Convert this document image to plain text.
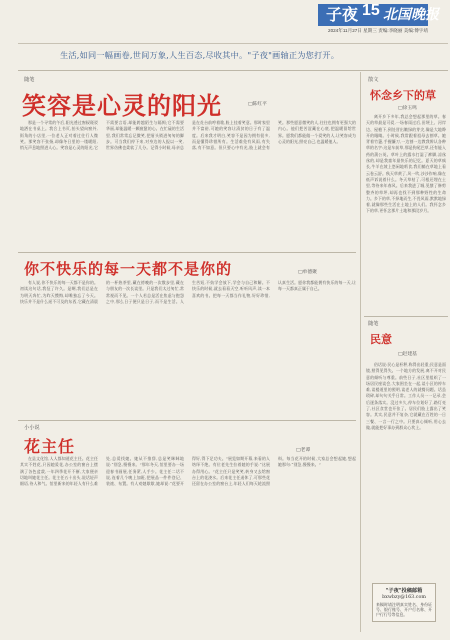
子夜 15 北国晚报
2024年11月27日 星期三 责编:李晓丽 美编:傅字靖
生活,如同一幅画卷,世间万象,人生百态,尽收其中。"子夜"画轴正为您打开。
随笔
笑容是心灵的阳光	□陈红平

那是一个寻常的午后,阳光透过窗棂斑驳地洒在书桌上。我合上书页,抬头望向窗外,街角的小店里,一位老人正对着过往行人微笑。那笑容不张扬,却像冬日里的一缕暖阳,悄无声息地照进人心。笑容是心灵的阳光,它不需要言语,却能跨越陌生与隔阂;它不需要华丽,却能温暖一颗疲惫的心。在忙碌的生活里,我们常常忘记微笑,把眉头锁进匆匆的脚步。可当我们停下来,对身边的人报以一笑,世界仿佛也柔软了几分。记得小时候,母亲总是在灶台前哼着歌,脸上挂着笑意。那时家里并不富裕,可她的笑容让清贫的日子有了温度。后来我才明白,笑容不是因为拥有很多,而是懂得珍惜所有。生活难免有风雨,有失落,有不如意。但只要心中有光,脸上就会有笑。那些愿意微笑的人,往往也拥有更强大的内心。他们把苦涩藏在心底,把温暖留给世界。愿我们都能做一个爱笑的人,让笑容成为心灵的阳光,照亮自己,也温暖他人。

你不快乐的每一天都不是你的	□单德聚

有人说,你不快乐的每一天都不是你的。初读这句话,我怔了许久。是啊,我们总是在为明天奔忙,为昨天懊悔,却唯独忘了今天。快乐并不是什么遥不可及的东西,它藏在清晨的一杯热茶里,藏在傍晚的一次散步里,藏在与朋友的一次长谈里。只是我们太过匆忙,常常视而不见。一个人若总是活在焦虑与抱怨之中,那么日子便只是日子,而不是生活。人生苦短,不妨学会放下,学会与自己和解。不快乐的时候,就去看看天空,听听风声,读一本喜欢的书。把每一天都当作礼物,好好珍惜,认真生活。愿你我都能拥有快乐的每一天,让每一天都真正属于自己。

小小说
花主任	□老谭

在县文化馆,人人都知道花主任。花主任其实不姓花,只因她爱花,办公室的窗台上摆满了各色盆栽,一年四季花开不断,大家便亲切地叫她花主任。花主任五十出头,说话轻声细语,待人和气。馆里新来的年轻人有什么难处,总爱找她。她从不推辞,总是笑眯眯地说:“别急,慢慢来。”那年冬天,馆里要办一场迎春书画展,任务紧,人手少。花主任二话不说,连着几个晚上加班,把展品一件件登记、装裱、布置。有人劝她歇歇,她却说:“花要开得好,得下足功夫。”展览如期开幕,来看的人络绎不绝。有位老先生拉着她的手说:“这展办得用心。”花主任只是笑笑,转身又去给窗台上的花浇水。后来花主任退休了,可那些花还留在办公室的窗台上,年轻人们每天轮流照料。每当花开的时候,大家总会想起她,想起她那句:“别急,慢慢来。”

散文
怀念乡下的草
□徐玉鸣

离开乡下多年,我总会想起那里的草。春天的草最是可爱,一场春雨过后,田埂上、河岸边、屋檐下,到处冒出嫩绿的芽尖,像是大地睁开的眼睛。小时候,我常跟着祖母去割草。她背着竹篓,手握镰刀,一边割一边教我辨认各种草的名字:这是车前草,那是狗尾巴草,还有能入药的蒲公英。草叶上的露水打湿了裤脚,凉丝丝的,却是我童年最快乐的记忆。夏天的草疯长,牛羊在坡上悠闲地啃食,我们躺在草地上看云卷云舒。秋天草黄了,风一吹,沙沙作响,像在低声诉说着什么。冬天草枯了,可根还埋在土里,等待来年春风。后来我进了城,见惯了修剪整齐的草坪,却再也找不到那种野性的生命力。乡下的草,不择地而生,不畏风雨,默默地绿着,就像那些生活在土地上的人们。我怀念乡下的草,更怀念那片土地和那段岁月。

随笔
民意
□赵建基

俗话说:民心是杆秤,称得出轻重;民意是面镜,照得见得失。一个地方的发展,离不开对民意的倾听与尊重。前些日子,社区里组织了一场居民座谈会,大家围坐在一起,谈小区的停车难,谈楼道里的照明,谈老人的就餐问题。话虽琐碎,却句句关乎日常。工作人员一一记录,会后逐条落实。没过多久,停车位划好了,路灯亮了,社区食堂也开张了。居民们脸上露出了笑容。其实,民意并不复杂,它就藏在百姓的一日三餐、一言一行之中。只要真心倾听,用心去做,就能把好事办到群众心坎上。

"子夜"投稿邮箱
bxwbzy@163.com
来稿时请注明真实姓名、身份证号、银行账号、开户行名称、开户行行号等信息。
